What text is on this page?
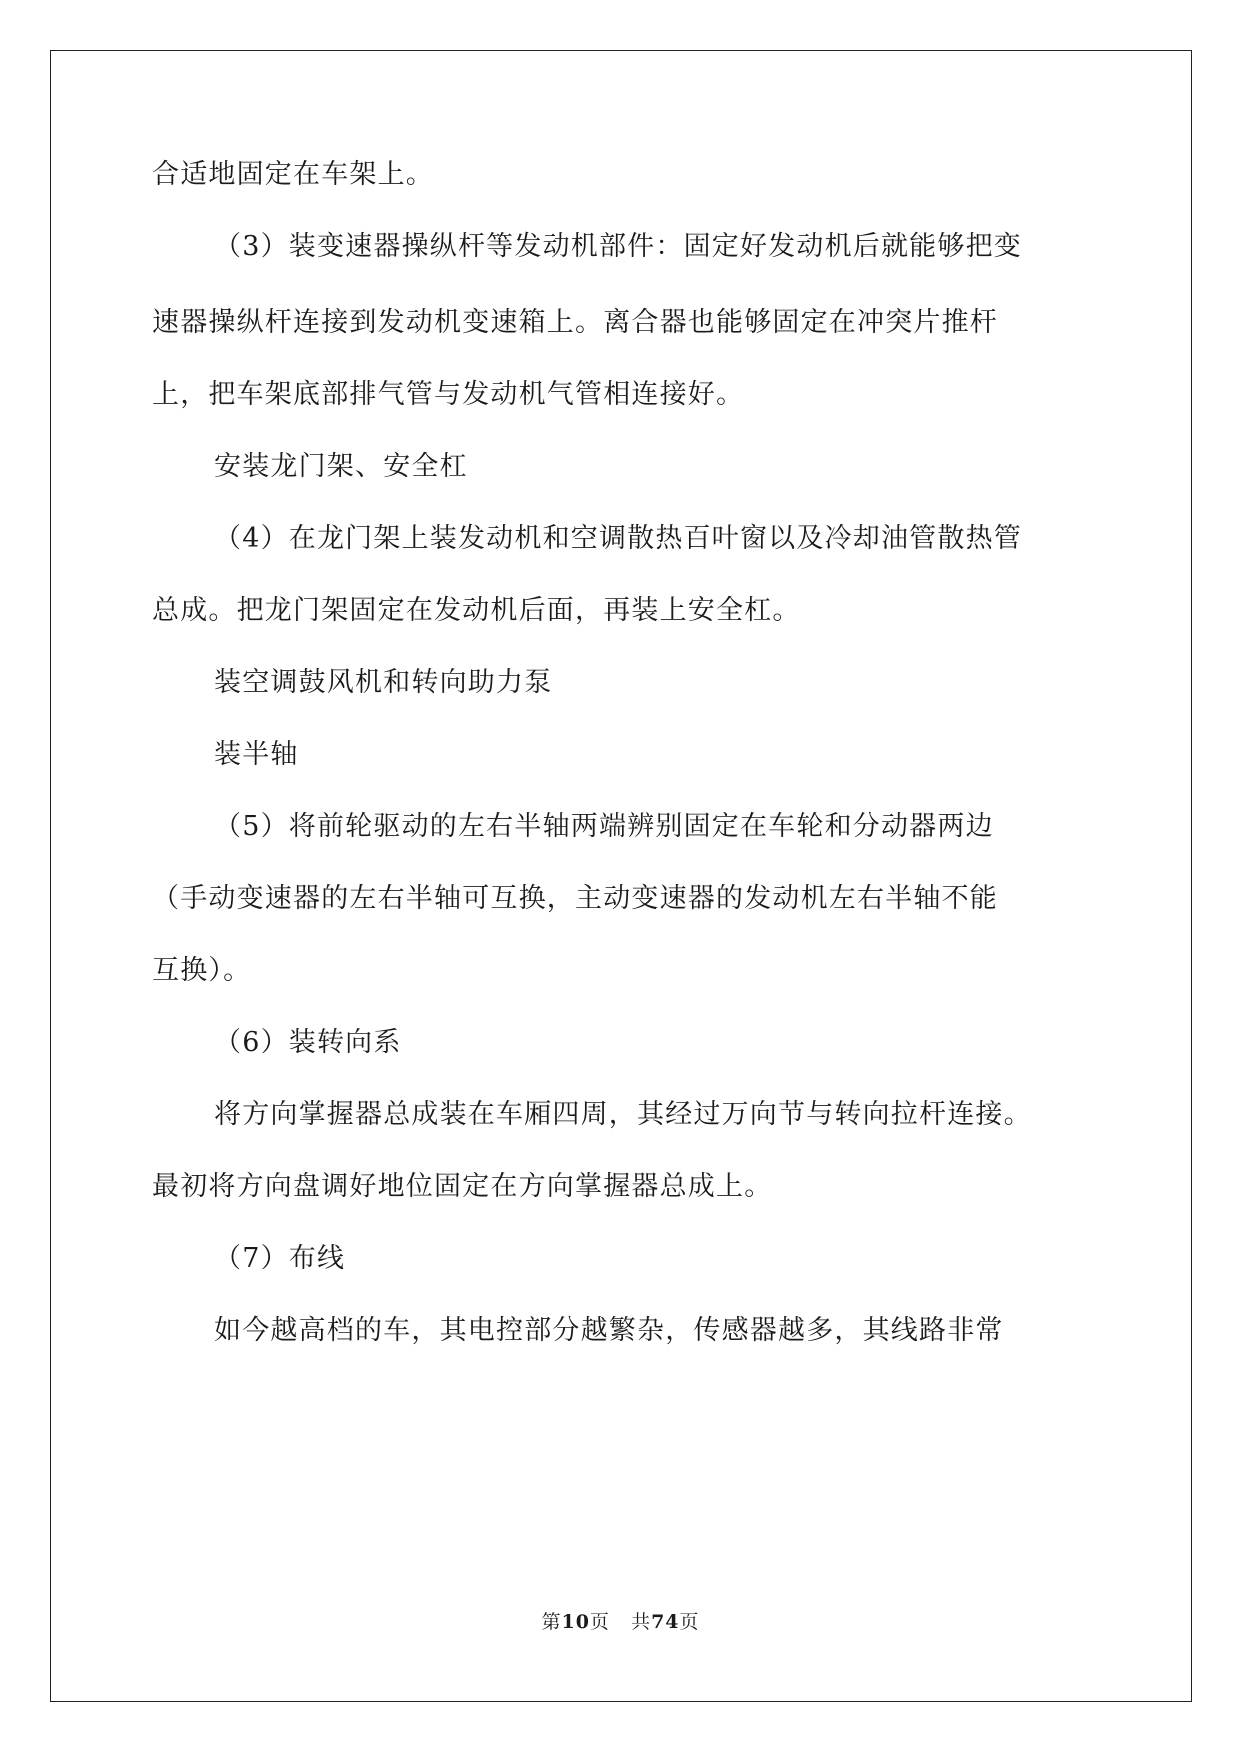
合适地固定在车架上。
（3）装变速器操纵杆等发动机部件：固定好发动机后就能够把变
速器操纵杆连接到发动机变速箱上。离合器也能够固定在冲突片推杆
上，把车架底部排气管与发动机气管相连接好。
安装龙门架、安全杠
（4）在龙门架上装发动机和空调散热百叶窗以及冷却油管散热管
总成。把龙门架固定在发动机后面，再装上安全杠。
装空调鼓风机和转向助力泵
装半轴
（5）将前轮驱动的左右半轴两端辨别固定在车轮和分动器两边
（手动变速器的左右半轴可互换，主动变速器的发动机左右半轴不能
互换）。
（6）装转向系
将方向掌握器总成装在车厢四周，其经过万向节与转向拉杆连接。
最初将方向盘调好地位固定在方向掌握器总成上。
（7）布线
如今越高档的车，其电控部分越繁杂，传感器越多，其线路非常
第10页 共74页
